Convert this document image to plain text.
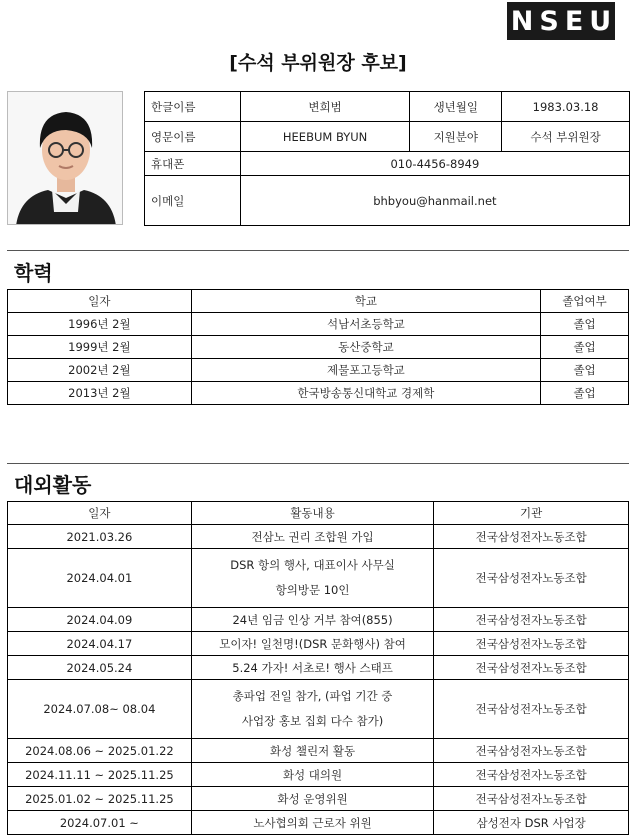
NSEU
[수석 부위원장 후보]
한글이름	변희범	생년월일	1983.03.18
영문이름	HEEBUM BYUN	지원분야	수석 부위원장
휴대폰	010-4456-8949		
이메일	bhbyou@hanmail.net		
학력
일자	학교	졸업여부
1996년 2월	석남서초등학교	졸업
1999년 2월	동산중학교	졸업
2002년 2월	제물포고등학교	졸업
2013년 2월	한국방송통신대학교 경제학	졸업
대외활동
일자	활동내용	기관
2021.03.26	전삼노 권리 조합원 가입	전국삼성전자노동조합
2024.04.01	DSR 항의 행사, 대표이사 사무실
항의방문 10인	전국삼성전자노동조합
2024.04.09	24년 임금 인상 거부 참여(855)	전국삼성전자노동조합
2024.04.17	모이자! 일천명!(DSR 문화행사) 참여	전국삼성전자노동조합
2024.05.24	5.24 가자! 서초로! 행사 스태프	전국삼성전자노동조합
2024.07.08~ 08.04	총파업 전일 참가, (파업 기간 중
사업장 홍보 집회 다수 참가)	전국삼성전자노동조합
2024.08.06 ~ 2025.01.22	화성 챌린저 활동	전국삼성전자노동조합
2024.11.11 ~ 2025.11.25	화성 대의원	전국삼성전자노동조합
2025.01.02 ~ 2025.11.25	화성 운영위원	전국삼성전자노동조합
2024.07.01 ~	노사협의회 근로자 위원	삼성전자 DSR 사업장
